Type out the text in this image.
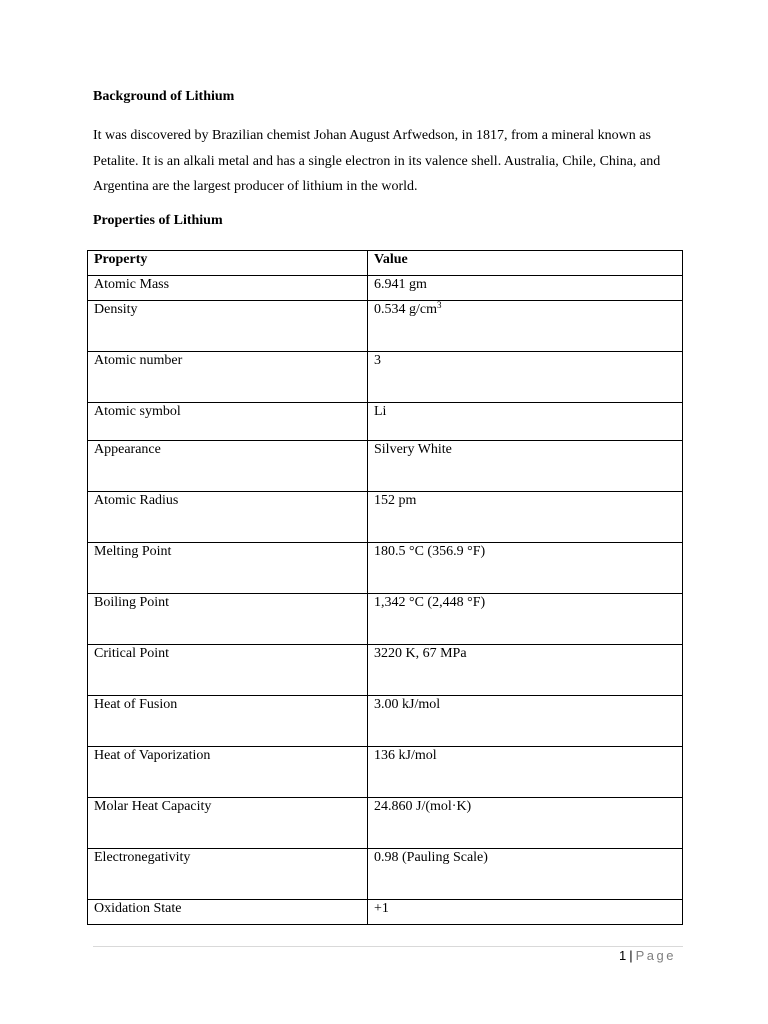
Background of Lithium
It was discovered by Brazilian chemist Johan August Arfwedson, in 1817, from a mineral known as Petalite. It is an alkali metal and has a single electron in its valence shell. Australia, Chile, China, and Argentina are the largest producer of lithium in the world.
Properties of Lithium
Property	Value
Atomic Mass	6.941 gm
Density	0.534 $g/cm^3$
Atomic number	3
Atomic symbol	Li
Appearance	Silvery White
Atomic Radius	152 pm
Melting Point	180.5 °C (356.9 °F)
Boiling Point	1,342 °C (2,448 °F)
Critical Point	3220 K, 67 MPa
Heat of Fusion	3.00 kJ/mol
Heat of Vaporization	136 kJ/mol
Molar Heat Capacity	24.860 J/(mol·K)
Electronegativity	0.98 (Pauling Scale)
Oxidation State	+1
1 | Page
